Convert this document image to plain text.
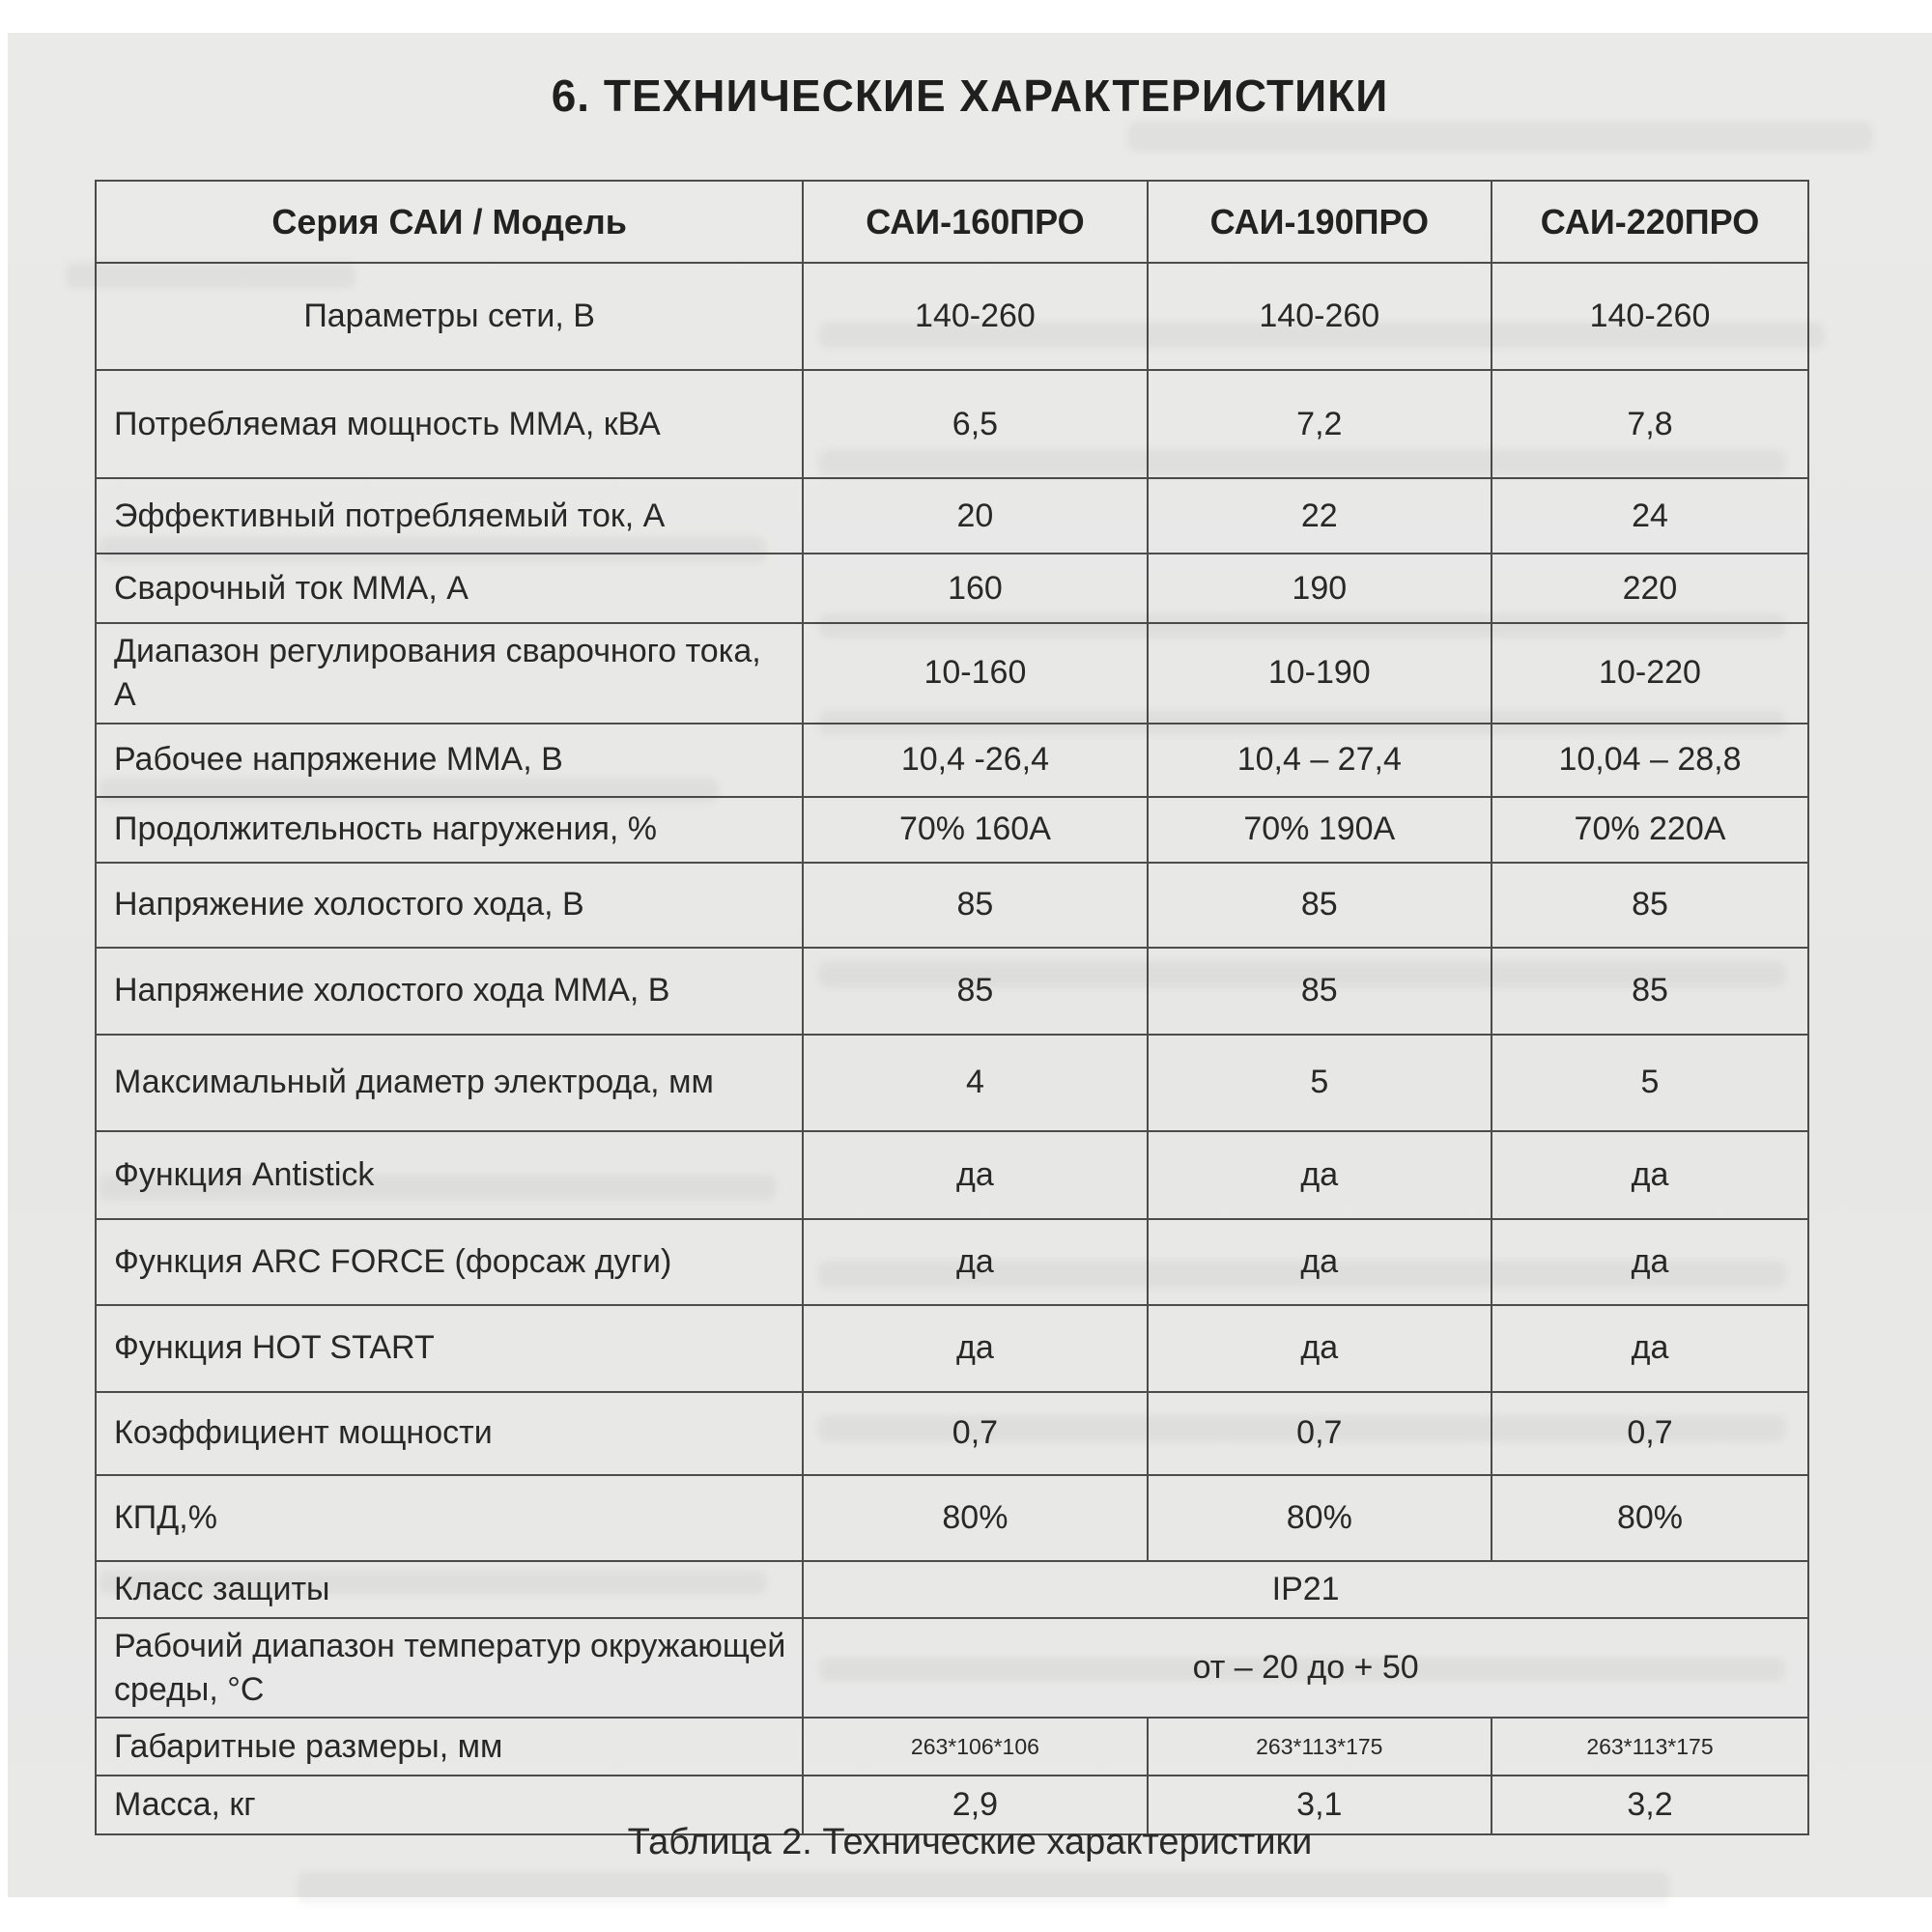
6. ТЕХНИЧЕСКИЕ ХАРАКТЕРИСТИКИ
Серия САИ / Модель	САИ-160ПРО	САИ-190ПРО	САИ-220ПРО
Параметры сети, В	140-260	140-260	140-260
Потребляемая мощность ММА, кВА	6,5	7,2	7,8
Эффективный потребляемый ток, А	20	22	24
Сварочный ток ММА, А	160	190	220
Диапазон регулирования сварочного тока, А	10-160	10-190	10-220
Рабочее напряжение ММА, В	10,4 -26,4	10,4 – 27,4	10,04 – 28,8
Продолжительность нагружения, %	70% 160А	70% 190А	70% 220А
Напряжение холостого хода, В	85	85	85
Напряжение холостого хода ММА, В	85	85	85
Максимальный диаметр электрода, мм	4	5	5
Функция Antistick	да	да	да
Функция ARC FORCE (форсаж дуги)	да	да	да
Функция HOT START	да	да	да
Коэффициент мощности	0,7	0,7	0,7
КПД,%	80%	80%	80%
Класс защиты	IP21		
Рабочий диапазон температур окружающей среды, °С	от – 20 до + 50		
Габаритные размеры, мм	263*106*106	263*113*175	263*113*175
Масса, кг	2,9	3,1	3,2
Таблица 2. Технические характеристики
